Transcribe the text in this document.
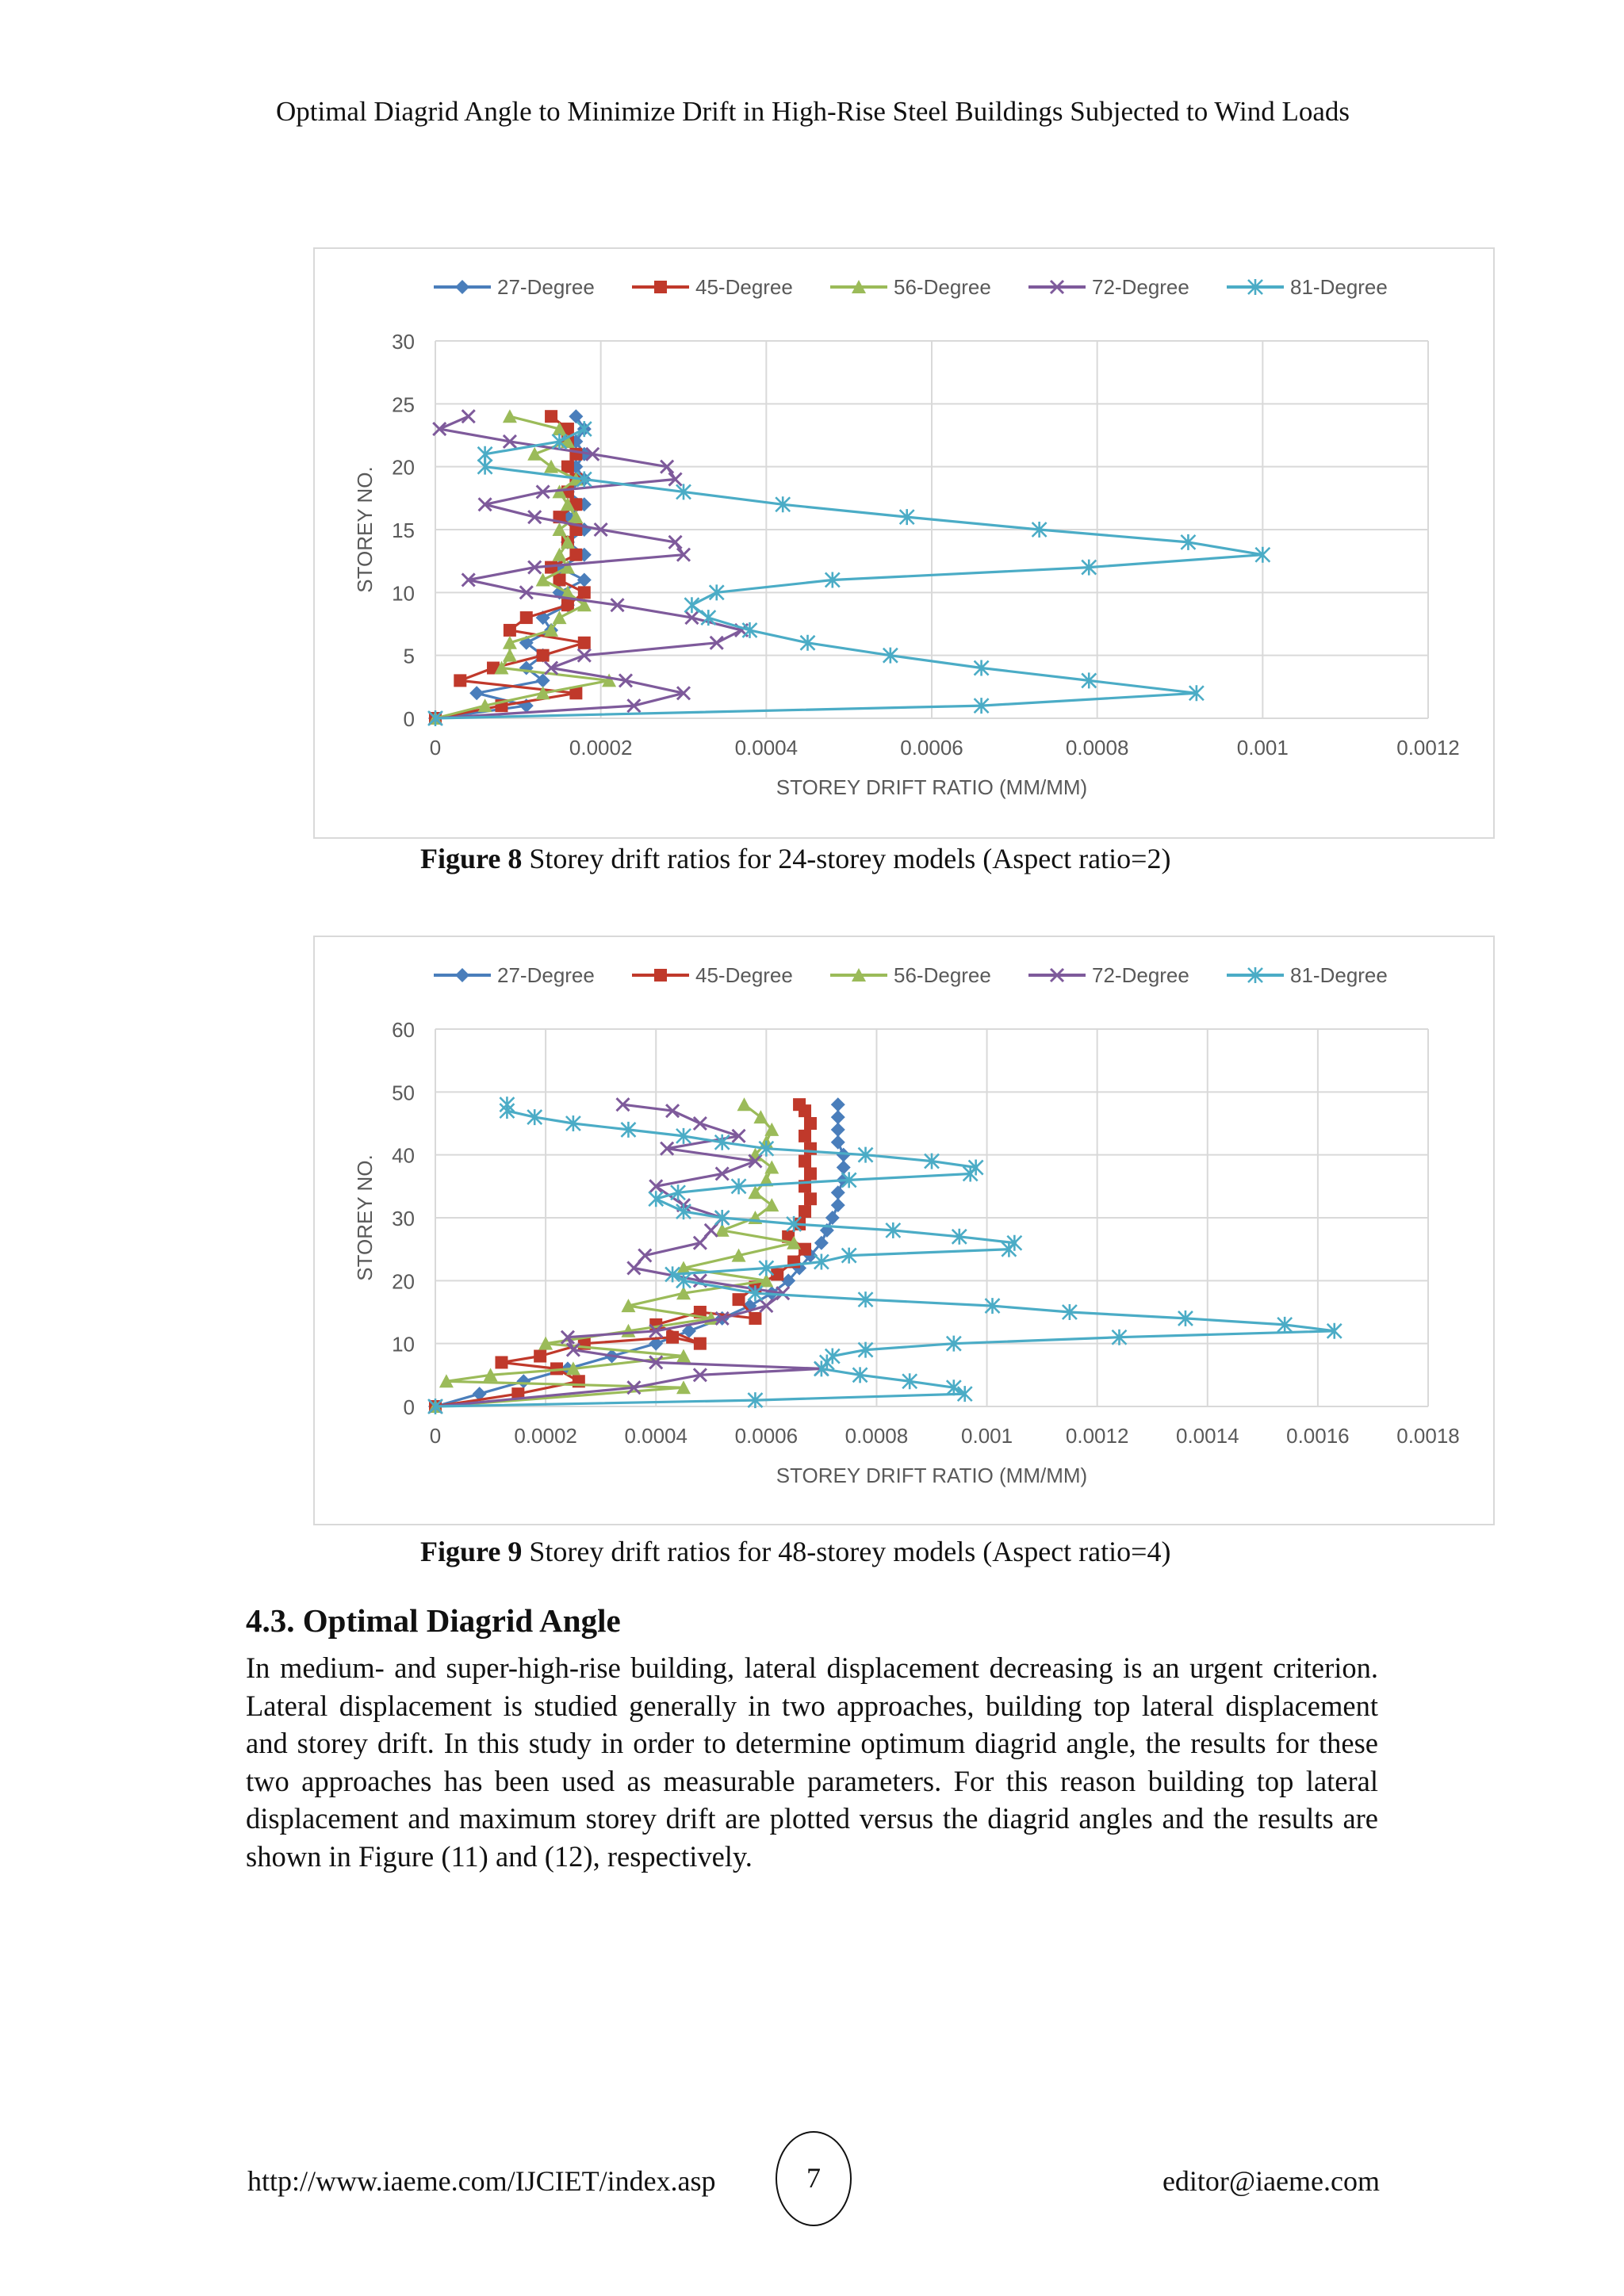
Optimal Diagrid Angle to Minimize Drift in High-Rise Steel Buildings Subjected to Wind Loads
0
5
10
15
20
25
30
0	0.0002	0.0004	0.0006	0.0008	0.001	0.0012
STOREY DRIFT RATIO (MM/MM)
STOREY NO.
27-Degree	45-Degree	56-Degree	72-Degree	81-Degree
Figure 8 Storey drift ratios for 24-storey models (Aspect ratio=2)
0
10
20
30
40
50
60
0	0.0002 0.0004 0.0006 0.0008	0.001	0.0012 0.0014 0.0016 0.0018
STOREY DRIFT RATIO (MM/MM)
STOREY NO.
27-Degree	45-Degree	56-Degree	72-Degree	81-Degree
Figure 9 Storey drift ratios for 48-storey models (Aspect ratio=4)
4.3. Optimal Diagrid Angle
In medium- and super-high-rise building, lateral displacement decreasing is an urgent criterion. Lateral displacement is studied generally in two approaches, building top lateral displacement and storey drift. In this study in order to determine optimum diagrid angle, the results for these two approaches has been used as measurable parameters. For this reason building top lateral displacement and maximum storey drift are plotted versus the diagrid angles and the results are shown in Figure (11) and (12), respectively.
http://www.iaeme.com/IJCIET/index.asp	7	editor@iaeme.com
